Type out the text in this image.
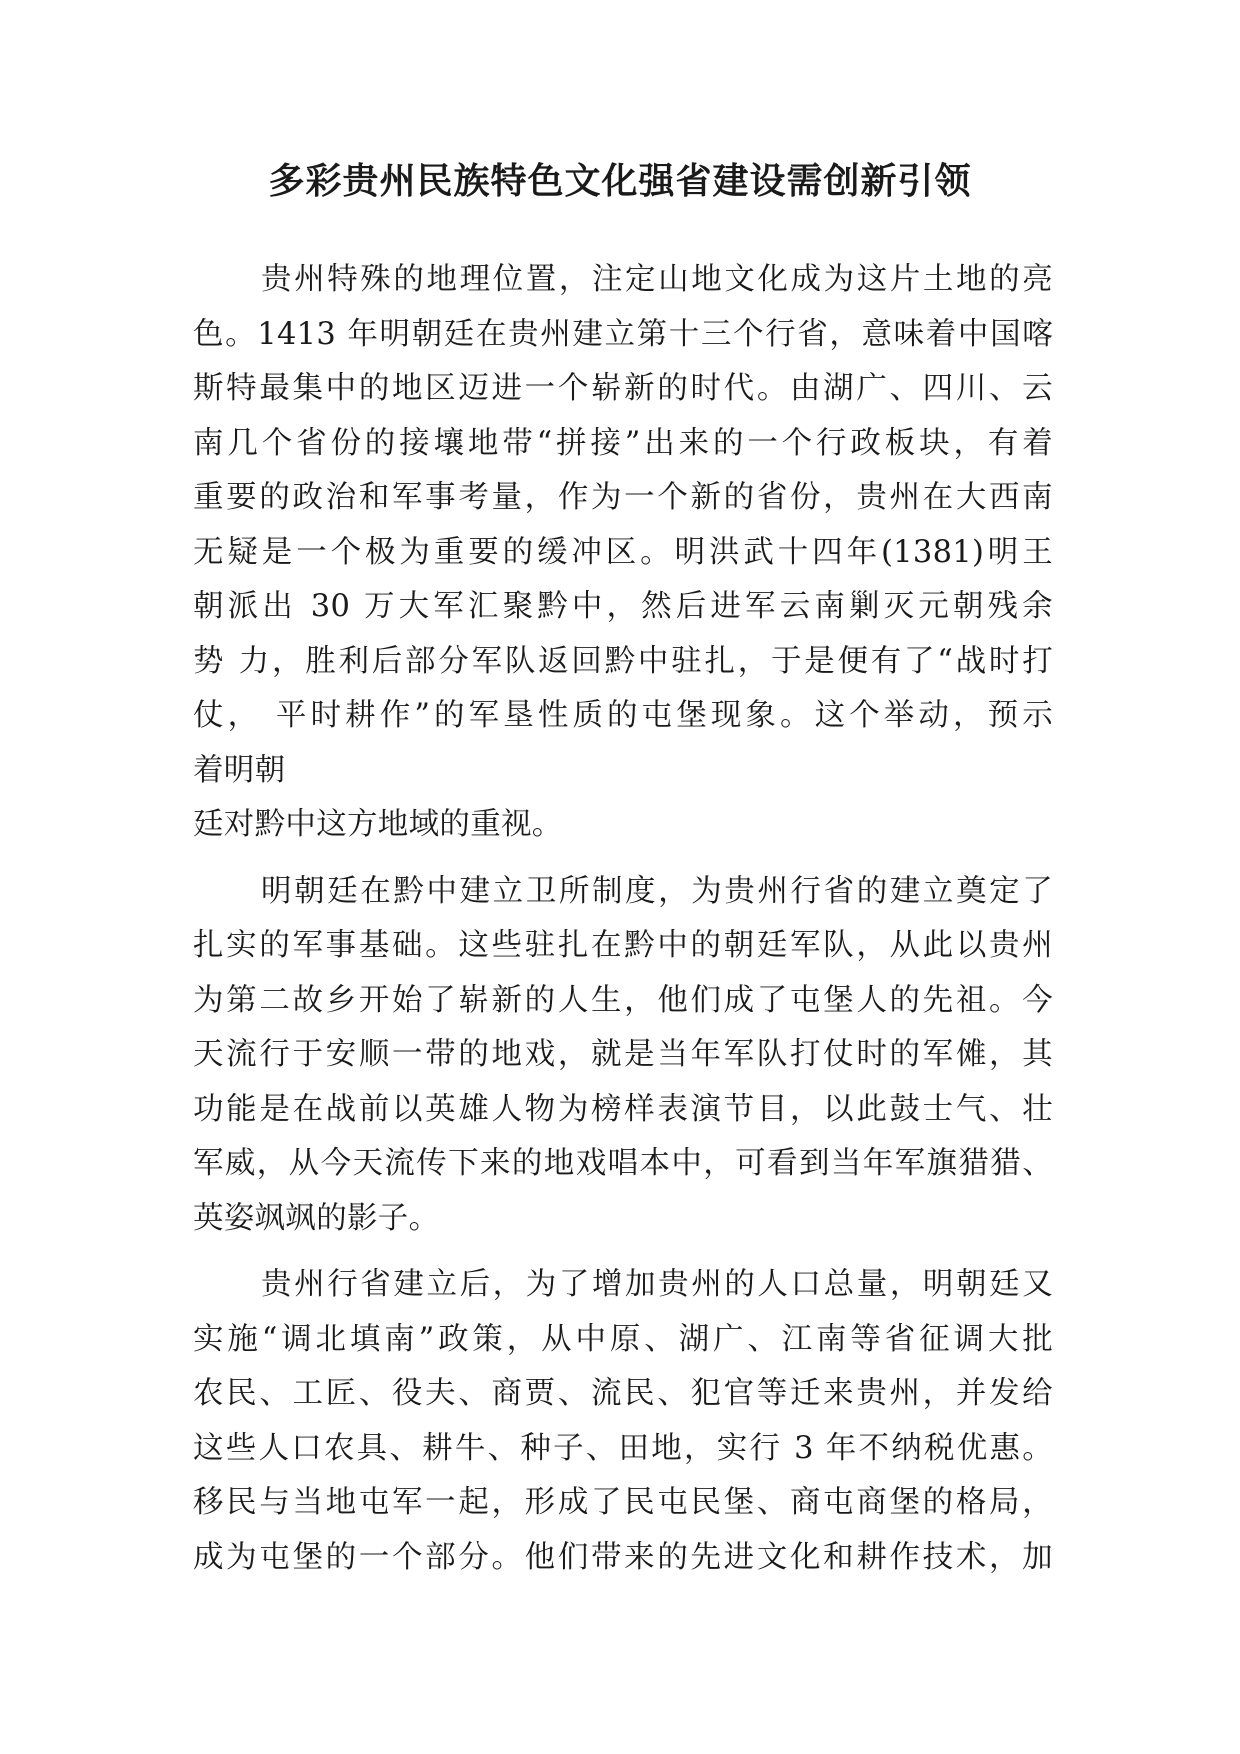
多彩贵州民族特色文化强省建设需创新引领

贵州特殊的地理位置，注定山地文化成为这片土地的亮
色。1413 年明朝廷在贵州建立第十三个行省，意味着中国喀
斯特最集中的地区迈进一个崭新的时代。由湖广、四川、云
南几个省份的接壤地带“拼接”出来的一个行政板块，有着
重要的政治和军事考量，作为一个新的省份，贵州在大西南
无疑是一个极为重要的缓冲区。明洪武十四年(1381)明王
朝派出 30 万大军汇聚黔中，然后进军云南剿灭元朝残余
势 力，胜利后部分军队返回黔中驻扎，于是便有了“战时打
仗， 平时耕作”的军垦性质的屯堡现象。这个举动，预示
着明朝
廷对黔中这方地域的重视。

明朝廷在黔中建立卫所制度，为贵州行省的建立奠定了
扎实的军事基础。这些驻扎在黔中的朝廷军队，从此以贵州
为第二故乡开始了崭新的人生，他们成了屯堡人的先祖。今
天流行于安顺一带的地戏，就是当年军队打仗时的军傩，其
功能是在战前以英雄人物为榜样表演节目，以此鼓士气、壮
军威，从今天流传下来的地戏唱本中，可看到当年军旗猎猎、
英姿飒飒的影子。

贵州行省建立后，为了增加贵州的人口总量，明朝廷又
实施“调北填南”政策，从中原、湖广、江南等省征调大批
农民、工匠、役夫、商贾、流民、犯官等迁来贵州，并发给
这些人口农具、耕牛、种子、田地，实行 3 年不纳税优惠。
移民与当地屯军一起，形成了民屯民堡、商屯商堡的格局，
成为屯堡的一个部分。他们带来的先进文化和耕作技术，加
